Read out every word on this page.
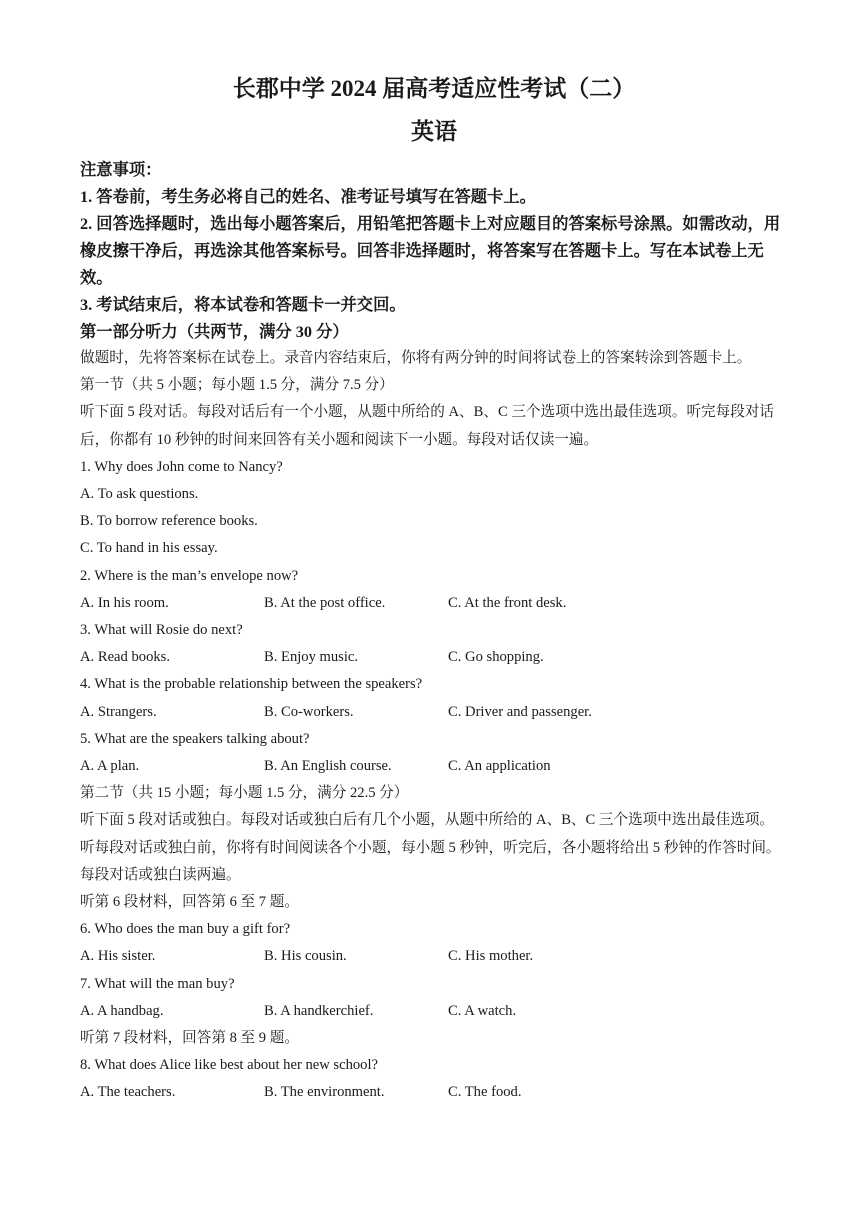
长郡中学 2024 届高考适应性考试（二）
英语

注意事项：

1. 答卷前，考生务必将自己的姓名、准考证号填写在答题卡上。

2. 回答选择题时，选出每小题答案后，用铅笔把答题卡上对应题目的答案标号涂黑。如需改动，用橡皮擦干净后，再选涂其他答案标号。回答非选择题时，将答案写在答题卡上。写在本试卷上无效。

3. 考试结束后，将本试卷和答题卡一并交回。

第一部分听力（共两节，满分 30 分）

做题时，先将答案标在试卷上。录音内容结束后，你将有两分钟的时间将试卷上的答案转涂到答题卡上。

第一节（共 5 小题；每小题 1.5 分，满分 7.5 分）

听下面 5 段对话。每段对话后有一个小题，从题中所给的 A、B、C 三个选项中选出最佳选项。听完每段对话后，你都有 10 秒钟的时间来回答有关小题和阅读下一小题。每段对话仅读一遍。

1. Why does John come to Nancy?

A. To ask questions.

B. To borrow reference books.

C. To hand in his essay.

2. Where is the man’s envelope now?

A. In his room.	B. At the post office.	C. At the front desk.

3. What will Rosie do next?

A. Read books.	B. Enjoy music.	C. Go shopping.

4. What is the probable relationship between the speakers?

A. Strangers.	B. Co-workers.	C. Driver and passenger.

5. What are the speakers talking about?

A. A plan.	B. An English course.	C. An application

第二节（共 15 小题；每小题 1.5 分，满分 22.5 分）

听下面 5 段对话或独白。每段对话或独白后有几个小题，从题中所给的 A、B、C 三个选项中选出最佳选项。听每段对话或独白前，你将有时间阅读各个小题，每小题 5 秒钟，听完后，各小题将给出 5 秒钟的作答时间。每段对话或独白读两遍。

听第 6 段材料，回答第 6 至 7 题。

6. Who does the man buy a gift for?

A. His sister.	B. His cousin.	C. His mother.

7. What will the man buy?

A. A handbag.	B. A handkerchief.	C. A watch.

听第 7 段材料，回答第 8 至 9 题。

8. What does Alice like best about her new school?

A. The teachers.	B. The environment.	C. The food.
